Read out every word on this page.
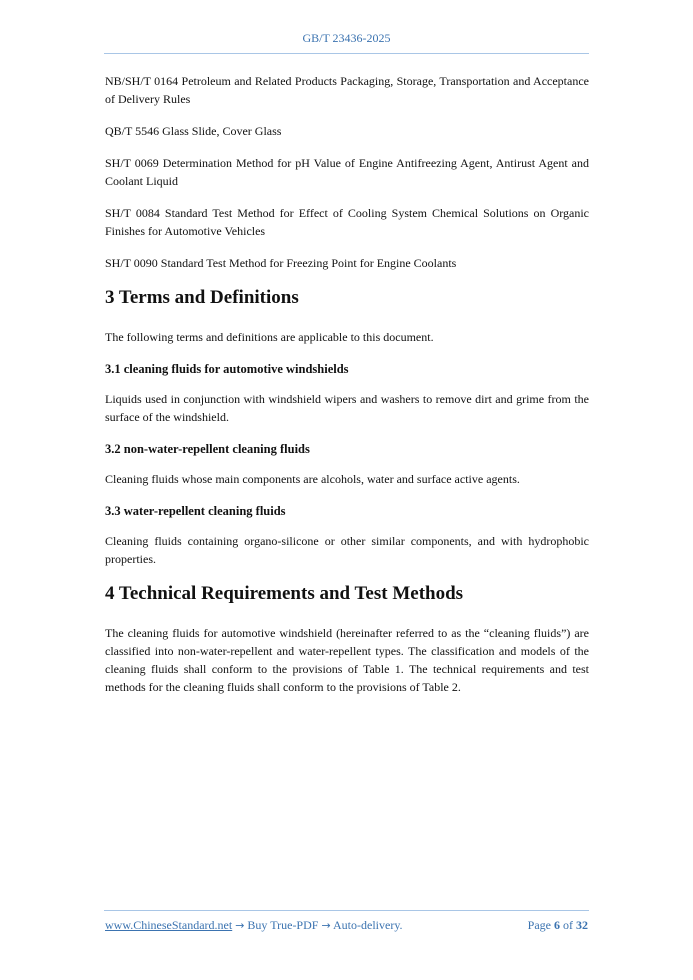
GB/T 23436-2025

NB/SH/T 0164 Petroleum and Related Products Packaging, Storage, Transportation and Acceptance of Delivery Rules

QB/T 5546 Glass Slide, Cover Glass

SH/T 0069 Determination Method for pH Value of Engine Antifreezing Agent, Antirust Agent and Coolant Liquid

SH/T 0084 Standard Test Method for Effect of Cooling System Chemical Solutions on Organic Finishes for Automotive Vehicles

SH/T 0090 Standard Test Method for Freezing Point for Engine Coolants

3 Terms and Definitions

The following terms and definitions are applicable to this document.

3.1 cleaning fluids for automotive windshields

Liquids used in conjunction with windshield wipers and washers to remove dirt and grime from the surface of the windshield.

3.2 non-water-repellent cleaning fluids

Cleaning fluids whose main components are alcohols, water and surface active agents.

3.3 water-repellent cleaning fluids

Cleaning fluids containing organo-silicone or other similar components, and with hydrophobic properties.

4 Technical Requirements and Test Methods

The cleaning fluids for automotive windshield (hereinafter referred to as the “cleaning fluids”) are classified into non-water-repellent and water-repellent types. The classification and models of the cleaning fluids shall conform to the provisions of Table 1. The technical requirements and test methods for the cleaning fluids shall conform to the provisions of Table 2.

www.ChineseStandard.net → Buy True-PDF → Auto-delivery.	Page 6 of 32
